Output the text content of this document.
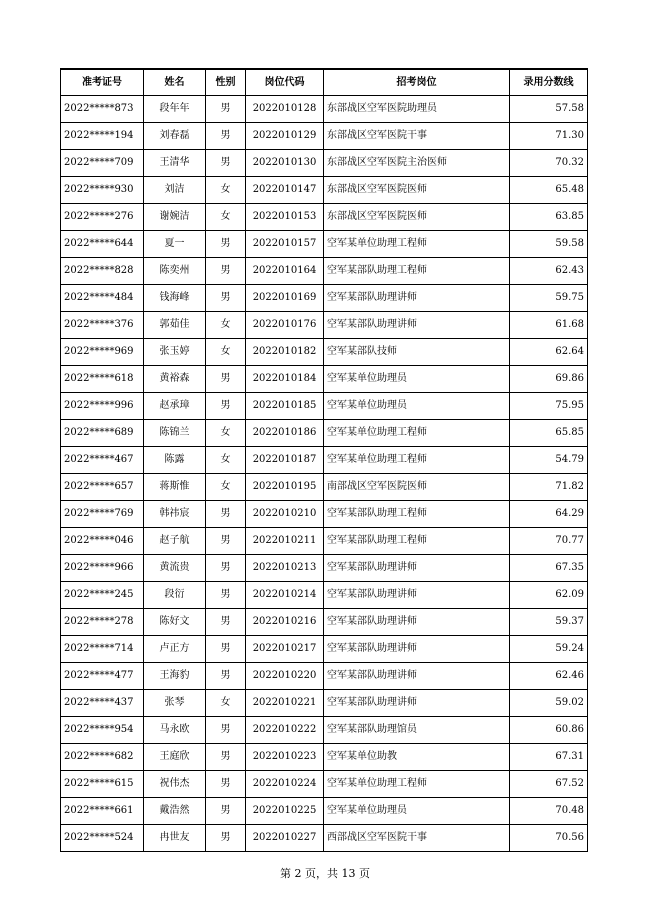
准考证号	姓名	性别	岗位代码	招考岗位	录用分数线
2022*****873	段年年	男	2022010128	东部战区空军医院助理员	57.58
2022*****194	刘春磊	男	2022010129	东部战区空军医院干事	71.30
2022*****709	王清华	男	2022010130	东部战区空军医院主治医师	70.32
2022*****930	刘洁	女	2022010147	东部战区空军医院医师	65.48
2022*****276	谢婉洁	女	2022010153	东部战区空军医院医师	63.85
2022*****644	夏一	男	2022010157	空军某单位助理工程师	59.58
2022*****828	陈奕州	男	2022010164	空军某部队助理工程师	62.43
2022*****484	钱海峰	男	2022010169	空军某部队助理讲师	59.75
2022*****376	郭茹佳	女	2022010176	空军某部队助理讲师	61.68
2022*****969	张玉婷	女	2022010182	空军某部队技师	62.64
2022*****618	黄裕森	男	2022010184	空军某单位助理员	69.86
2022*****996	赵承璋	男	2022010185	空军某单位助理员	75.95
2022*****689	陈锦兰	女	2022010186	空军某单位助理工程师	65.85
2022*****467	陈露	女	2022010187	空军某单位助理工程师	54.79
2022*****657	蒋斯惟	女	2022010195	南部战区空军医院医师	71.82
2022*****769	韩祎宸	男	2022010210	空军某部队助理工程师	64.29
2022*****046	赵子航	男	2022010211	空军某部队助理工程师	70.77
2022*****966	黄流贵	男	2022010213	空军某部队助理讲师	67.35
2022*****245	段衍	男	2022010214	空军某部队助理讲师	62.09
2022*****278	陈好文	男	2022010216	空军某部队助理讲师	59.37
2022*****714	卢正方	男	2022010217	空军某部队助理讲师	59.24
2022*****477	王海豹	男	2022010220	空军某部队助理讲师	62.46
2022*****437	张琴	女	2022010221	空军某部队助理讲师	59.02
2022*****954	马永欧	男	2022010222	空军某部队助理馆员	60.86
2022*****682	王庭欣	男	2022010223	空军某单位助教	67.31
2022*****615	祝伟杰	男	2022010224	空军某单位助理工程师	67.52
2022*****661	戴浩然	男	2022010225	空军某单位助理员	70.48
2022*****524	冉世友	男	2022010227	西部战区空军医院干事	70.56
第 2 页，共 13 页
